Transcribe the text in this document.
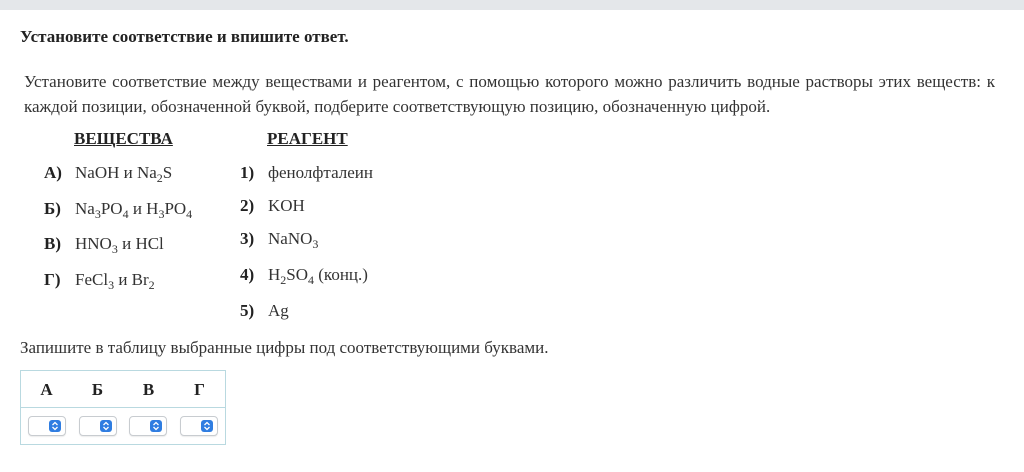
Установите соответствие и впишите ответ.
Установите соответствие между веществами и реагентом, с помощью которого можно различить водные растворы этих веществ: к каждой позиции, обозначенной буквой, подберите соответствующую позицию, обозначенную цифрой.
ВЕЩЕСТВА	РЕАГЕНТ
А) NaOH и $Na_2S$
Б) $Na_3PO_4$ и $H_3PO_4$
В) $HNO_3$ и HCl
Г) FeCl$_3$ и $Br_2$
1) фенолфталеин
2) KOH
3) NaNO$_3$
4) $H_2SO_4$ (конц.)
5) Ag
Запишите в таблицу выбранные цифры под соответствующими буквами.
А	Б	В	Г
